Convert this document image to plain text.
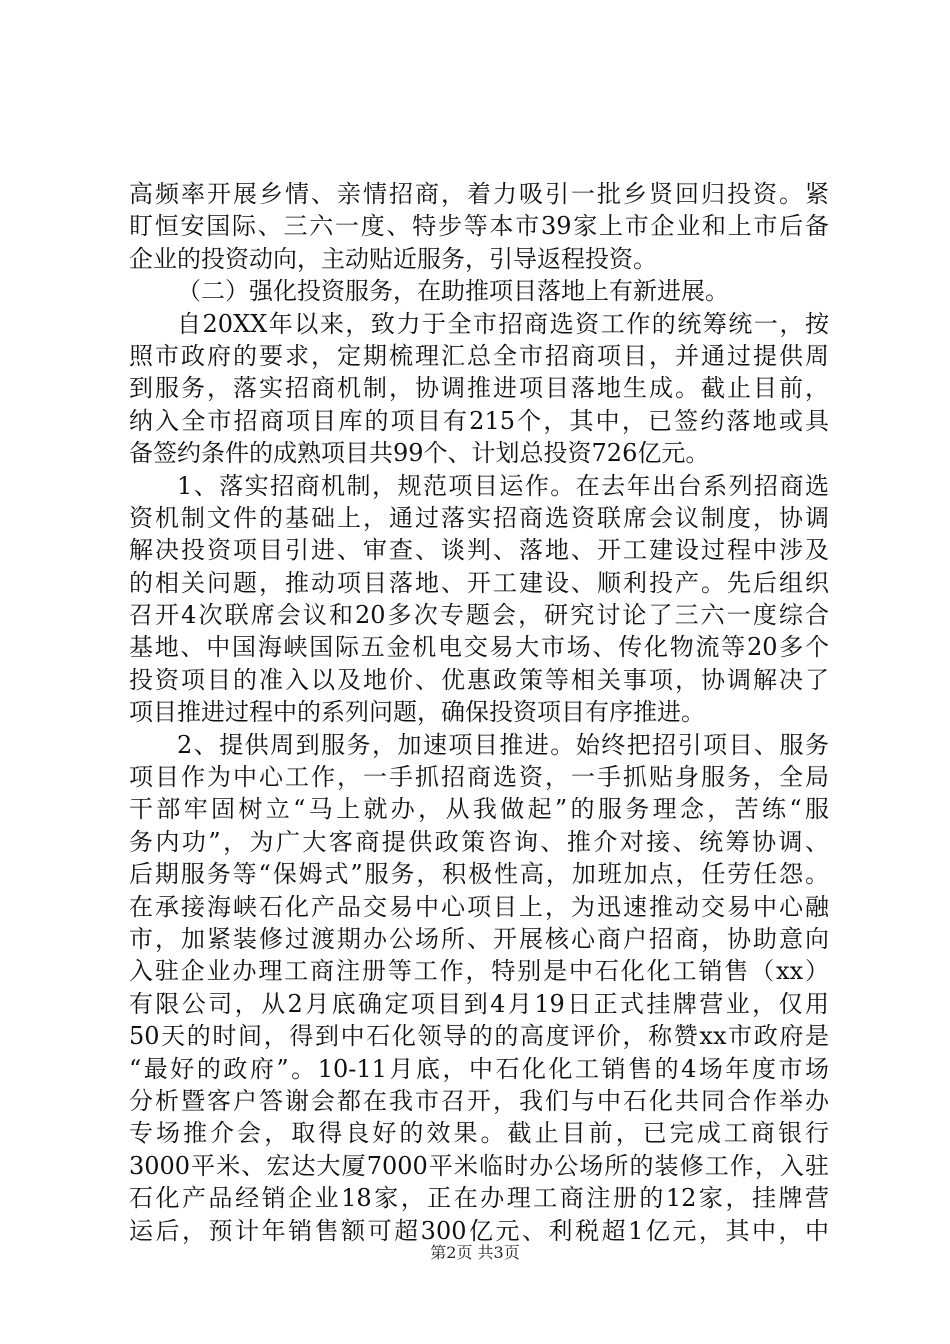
高频率开展乡情、亲情招商，着力吸引一批乡贤回归投资。紧
盯恒安国际、三六一度、特步等本市39家上市企业和上市后备
企业的投资动向，主动贴近服务，引导返程投资。
（二）强化投资服务，在助推项目落地上有新进展。
自20XX年以来，致力于全市招商选资工作的统筹统一，按
照市政府的要求，定期梳理汇总全市招商项目，并通过提供周
到服务，落实招商机制，协调推进项目落地生成。截止目前，
纳入全市招商项目库的项目有215个，其中，已签约落地或具
备签约条件的成熟项目共99个、计划总投资726亿元。
1、落实招商机制，规范项目运作。在去年出台系列招商选
资机制文件的基础上，通过落实招商选资联席会议制度，协调
解决投资项目引进、审查、谈判、落地、开工建设过程中涉及
的相关问题，推动项目落地、开工建设、顺利投产。先后组织
召开4次联席会议和20多次专题会，研究讨论了三六一度综合
基地、中国海峡国际五金机电交易大市场、传化物流等20多个
投资项目的准入以及地价、优惠政策等相关事项，协调解决了
项目推进过程中的系列问题，确保投资项目有序推进。
2、提供周到服务，加速项目推进。始终把招引项目、服务
项目作为中心工作，一手抓招商选资，一手抓贴身服务，全局
干部牢固树立“马上就办，从我做起”的服务理念，苦练“服
务内功”，为广大客商提供政策咨询、推介对接、统筹协调、
后期服务等“保姆式”服务，积极性高，加班加点，任劳任怨。
在承接海峡石化产品交易中心项目上，为迅速推动交易中心融
市，加紧装修过渡期办公场所、开展核心商户招商，协助意向
入驻企业办理工商注册等工作，特别是中石化化工销售（xx）
有限公司，从2月底确定项目到4月19日正式挂牌营业，仅用
50天的时间，得到中石化领导的的高度评价，称赞xx市政府是
“最好的政府”。10-11月底，中石化化工销售的4场年度市场
分析暨客户答谢会都在我市召开，我们与中石化共同合作举办
专场推介会，取得良好的效果。截止目前，已完成工商银行
3000平米、宏达大厦7000平米临时办公场所的装修工作，入驻
石化产品经销企业18家，正在办理工商注册的12家，挂牌营
运后，预计年销售额可超300亿元、利税超1亿元，其中，中
第2页 共3页
